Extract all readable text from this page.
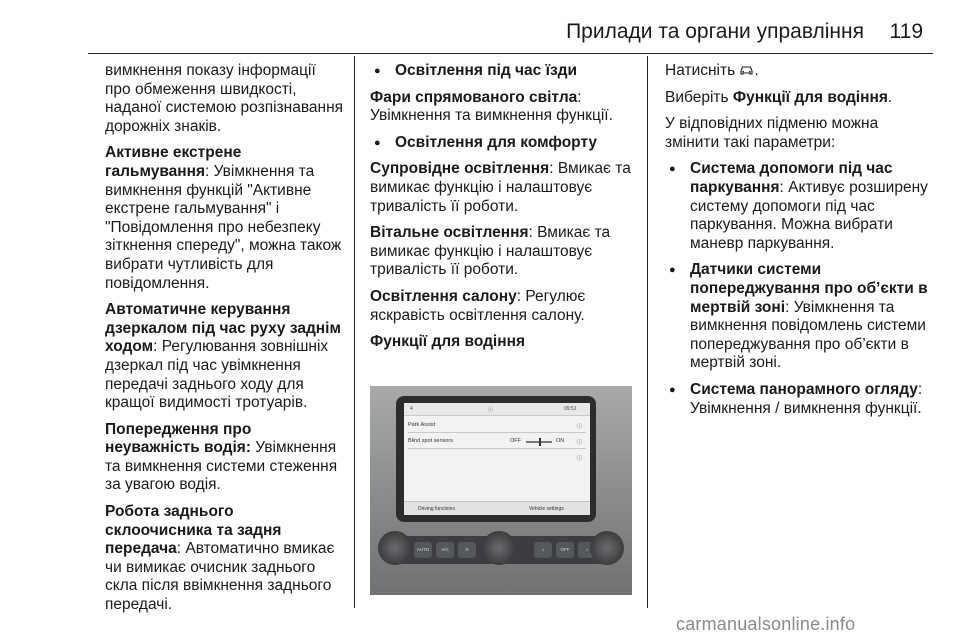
Прилади та органи управління 119

вимкнення показу інформації про обмеження швидкості, наданої системою розпізнавання дорожніх знаків.

Активне екстрене гальмування: Увімкнення та вимкнення функцій "Активне екстрене гальмування" і "Повідомлення про небезпеку зіткнення спереду", можна також вибрати чутливість для повідомлення.

Автоматичне керування дзеркалом під час руху заднім ходом: Регулювання зовнішніх дзеркал під час увімкнення передачі заднього ходу для кращої видимості тротуарів.

Попередження про неуважність водія: Увімкнення та вимкнення системи стеження за увагою водія.

Робота заднього склоочисника та задня передача: Автоматично вмикає чи вимикає очисник заднього скла після ввімкнення заднього передачі.

● Освітлення під час їзди

Фари спрямованого світла: Увімкнення та вимкнення функції.

● Освітлення для комфорту

Супровідне освітлення: Вмикає та вимикає функцію і налаштовує тривалість її роботи.

Вітальне освітлення: Вмикає та вимикає функцію і налаштовує тривалість її роботи.

Освітлення салону: Регулює яскравість освітлення салону.

Функції для водіння

4	ⓘ	09:51
Park Assist	ⓘ
Blind spot sensors	OFF	ON ⓘ
ⓘ
Driving functions	Vehicle settings
AUTO	A/C	≋	☼	OFF	⌂

Натисніть .

Виберіть Функції для водіння.

У відповідних підменю можна змінити такі параметри:

● Система допомоги під час паркування: Активує розширену систему допомоги під час паркування. Можна вибрати маневр паркування.
● Датчики системи попереджування про об’єкти в мертвій зоні: Увімкнення та вимкнення повідомлень системи попереджування про об’єкти в мертвій зоні.
● Система панорамного огляду: Увімкнення / вимкнення функції.
carmanualsonline.info
